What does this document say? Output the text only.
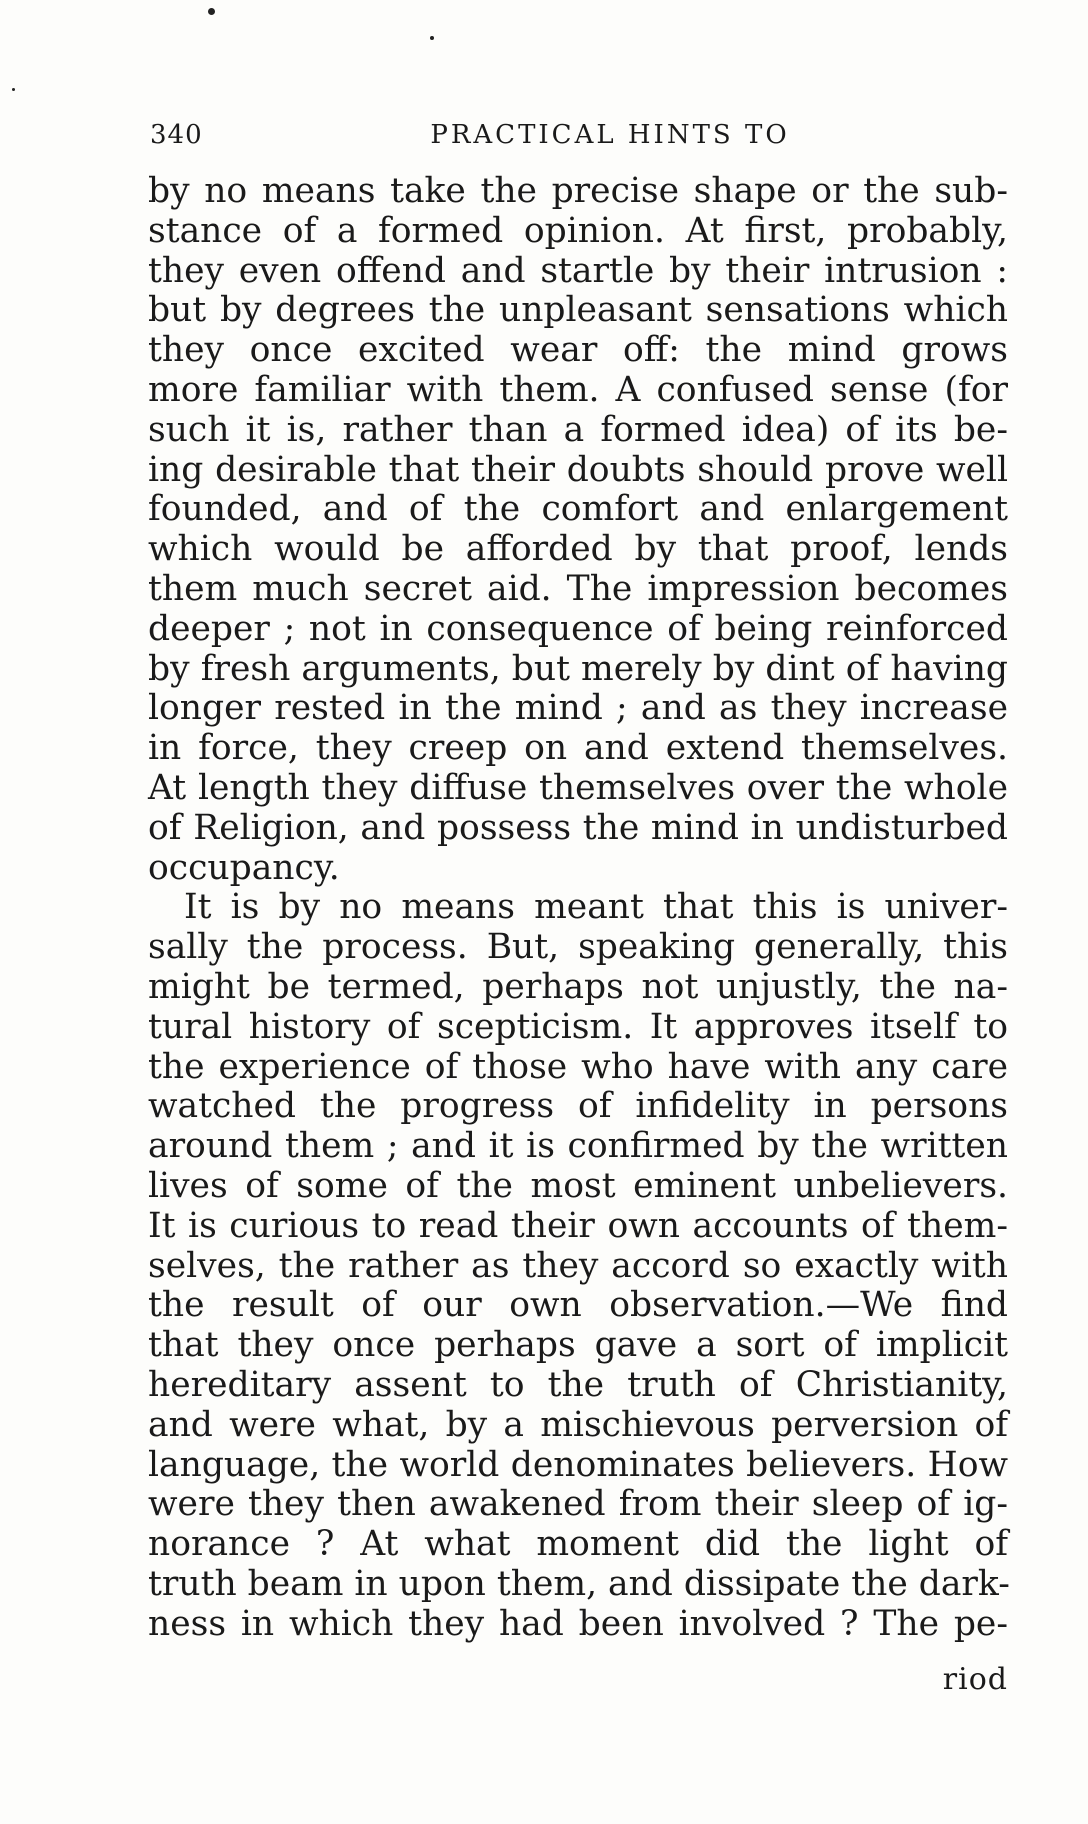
340	PRACTICAL HINTS TO
by no means take the precise shape or the sub-
stance of a formed opinion. At first, probably,
they even offend and startle by their intrusion :
but by degrees the unpleasant sensations which
they once excited wear off: the mind grows
more familiar with them. A confused sense (for
such it is, rather than a formed idea) of its be-
ing desirable that their doubts should prove well
founded, and of the comfort and enlargement
which would be afforded by that proof, lends
them much secret aid. The impression becomes
deeper ; not in consequence of being reinforced
by fresh arguments, but merely by dint of having
longer rested in the mind ; and as they increase
in force, they creep on and extend themselves.
At length they diffuse themselves over the whole
of Religion, and possess the mind in undisturbed
occupancy.
It is by no means meant that this is univer-
sally the process. But, speaking generally, this
might be termed, perhaps not unjustly, the na-
tural history of scepticism. It approves itself to
the experience of those who have with any care
watched the progress of infidelity in persons
around them ; and it is confirmed by the written
lives of some of the most eminent unbelievers.
It is curious to read their own accounts of them-
selves, the rather as they accord so exactly with
the result of our own observation.—We find
that they once perhaps gave a sort of implicit
hereditary assent to the truth of Christianity,
and were what, by a mischievous perversion of
language, the world denominates believers. How
were they then awakened from their sleep of ig-
norance ? At what moment did the light of
truth beam in upon them, and dissipate the dark-
ness in which they had been involved ? The pe-
riod
